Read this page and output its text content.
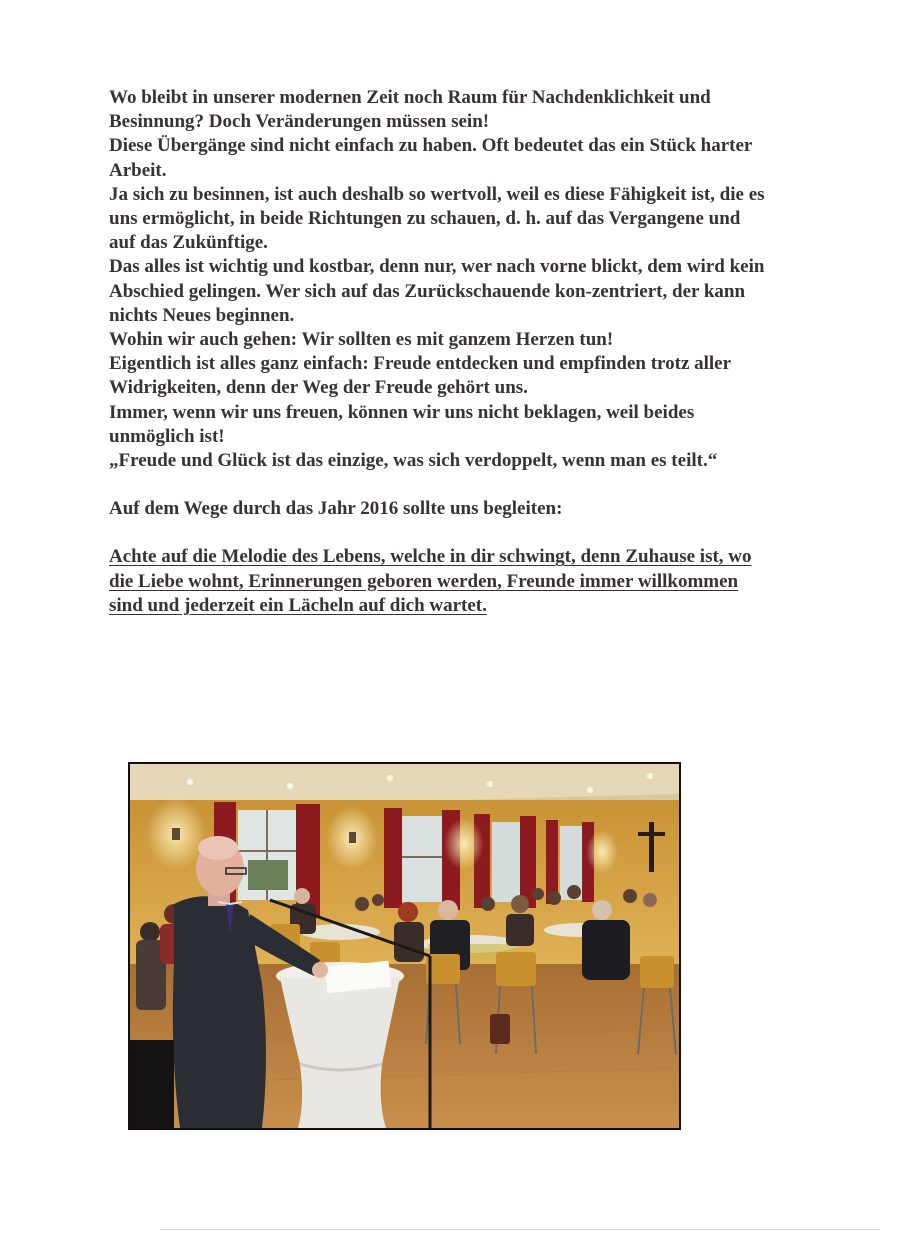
Wo bleibt in unserer modernen Zeit noch Raum für Nachdenklichkeit und Besinnung? Doch Veränderungen müssen sein!

Diese Übergänge sind nicht einfach zu haben. Oft bedeutet das ein Stück harter Arbeit.

Ja sich zu besinnen, ist auch deshalb so wertvoll, weil es diese Fähigkeit ist, die es uns ermöglicht, in beide Richtungen zu schauen, d. h. auf das Vergangene und auf das Zukünftige.

Das alles ist wichtig und kostbar, denn nur, wer nach vorne blickt, dem wird kein Abschied gelingen. Wer sich auf das Zurückschauende kon-zentriert, der kann nichts Neues beginnen.

Wohin wir auch gehen: Wir sollten es mit ganzem Herzen tun!

Eigentlich ist alles ganz einfach: Freude entdecken und empfinden trotz aller Widrigkeiten, denn der Weg der Freude gehört uns.

Immer, wenn wir uns freuen, können wir uns nicht beklagen, weil beides unmöglich ist!

„Freude und Glück ist das einzige, was sich verdoppelt, wenn man es teilt.“

Auf dem Wege durch das Jahr 2016 sollte uns begleiten:

Achte auf die Melodie des Lebens, welche in dir schwingt, denn Zuhause ist, wo die Liebe wohnt, Erinnerungen geboren werden, Freunde immer willkommen sind und jederzeit ein Lächeln auf dich wartet.
